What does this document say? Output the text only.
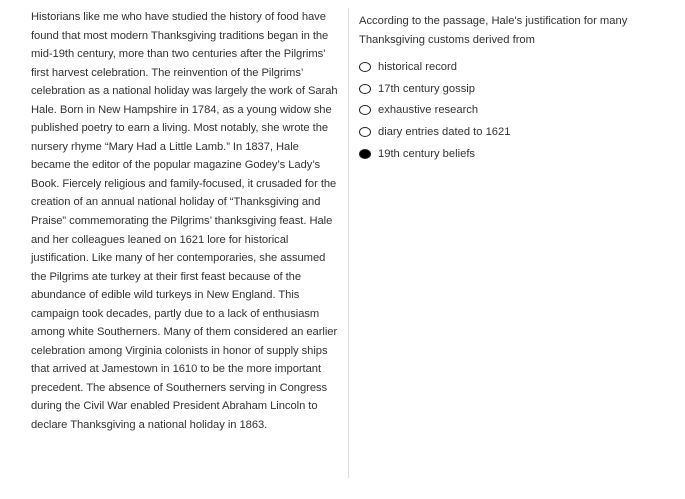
Historians like me who have studied the history of food have found that most modern Thanksgiving traditions began in the mid-19th century, more than two centuries after the Pilgrims’ first harvest celebration. The reinvention of the Pilgrims’ celebration as a national holiday was largely the work of Sarah Hale. Born in New Hampshire in 1784, as a young widow she published poetry to earn a living. Most notably, she wrote the nursery rhyme “Mary Had a Little Lamb.” In 1837, Hale became the editor of the popular magazine Godey’s Lady’s Book. Fiercely religious and family-focused, it crusaded for the creation of an annual national holiday of “Thanksgiving and Praise” commemorating the Pilgrims’ thanksgiving feast. Hale and her colleagues leaned on 1621 lore for historical justification. Like many of her contemporaries, she assumed the Pilgrims ate turkey at their first feast because of the abundance of edible wild turkeys in New England. This campaign took decades, partly due to a lack of enthusiasm among white Southerners. Many of them considered an earlier celebration among Virginia colonists in honor of supply ships that arrived at Jamestown in 1610 to be the more important precedent. The absence of Southerners serving in Congress during the Civil War enabled President Abraham Lincoln to declare Thanksgiving a national holiday in 1863.
According to the passage, Hale's justification for many Thanksgiving customs derived from
historical record
17th century gossip
exhaustive research
diary entries dated to 1621
19th century beliefs
